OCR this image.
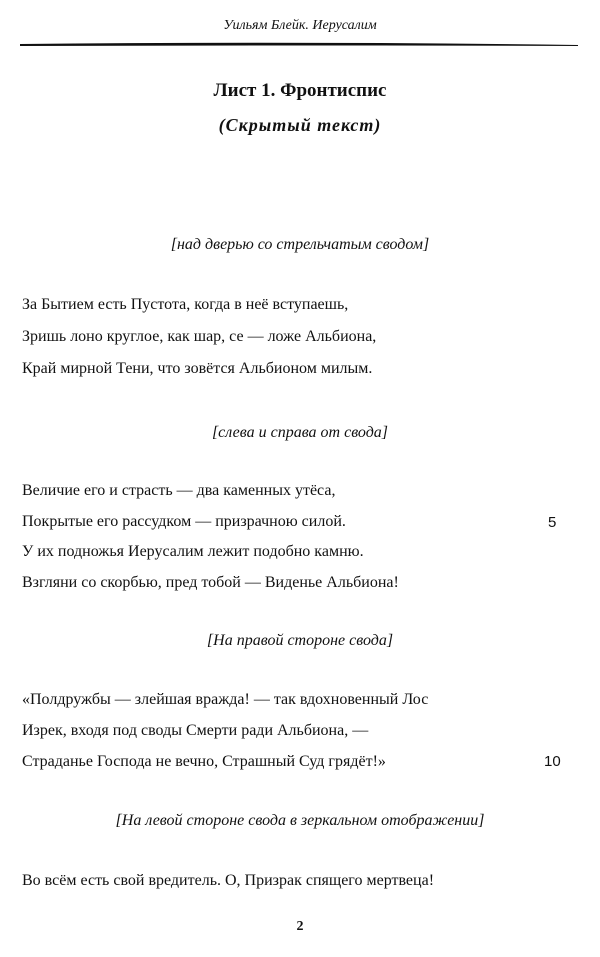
Уильям Блейк. Иерусалим
Лист 1. Фронтиспис
(Скрытый текст)
[над дверью со стрельчатым сводом]
За Бытием есть Пустота, когда в неё вступаешь,
Зришь лоно круглое, как шар, се — ложе Альбиона,
Край мирной Тени, что зовётся Альбионом милым.
[слева и справа от свода]
Величие его и страсть — два каменных утёса,
Покрытые его рассудком — призрачною силой.	5
У их подножья Иерусалим лежит подобно камню.
Взгляни со скорбью, пред тобой — Виденье Альбиона!
[На правой стороне свода]
«Полдружбы — злейшая вражда! — так вдохновенный Лос
Изрек, входя под своды Смерти ради Альбиона, —
Страданье Господа не вечно, Страшный Суд грядёт!»	10
[На левой стороне свода в зеркальном отображении]
Во всём есть свой вредитель. О, Призрак спящего мертвеца!
2
